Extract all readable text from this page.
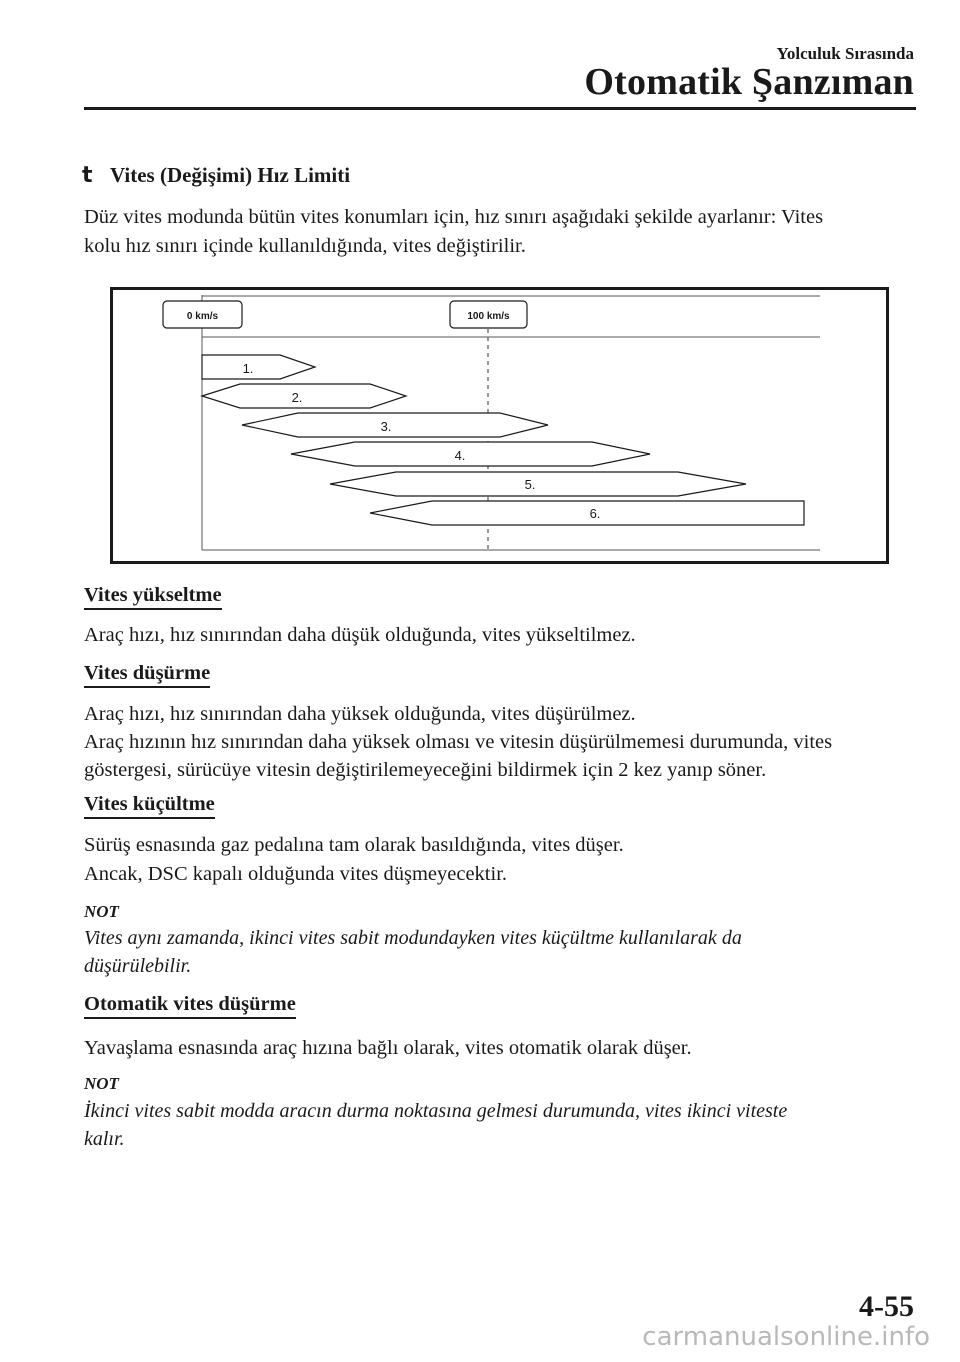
Yolculuk Sırasında
Otomatik Şanzıman
t Vites (Değişimi) Hız Limiti
Düz vites modunda bütün vites konumları için, hız sınırı aşağıdaki şekilde ayarlanır: Vites
kolu hız sınırı içinde kullanıldığında, vites değiştirilir.
0 km/s	100 km/s
1.
2.
3.
4.
5.
6.
Vites yükseltme
Araç hızı, hız sınırından daha düşük olduğunda, vites yükseltilmez.
Vites düşürme
Araç hızı, hız sınırından daha yüksek olduğunda, vites düşürülmez.
Araç hızının hız sınırından daha yüksek olması ve vitesin düşürülmemesi durumunda, vites
göstergesi, sürücüye vitesin değiştirilemeyeceğini bildirmek için 2 kez yanıp söner.
Vites küçültme
Sürüş esnasında gaz pedalına tam olarak basıldığında, vites düşer.
Ancak, DSC kapalı olduğunda vites düşmeyecektir.
NOT
Vites aynı zamanda, ikinci vites sabit modundayken vites küçültme kullanılarak da
düşürülebilir.
Otomatik vites düşürme
Yavaşlama esnasında araç hızına bağlı olarak, vites otomatik olarak düşer.
NOT
İkinci vites sabit modda aracın durma noktasına gelmesi durumunda, vites ikinci viteste
kalır.
4-55
carmanualsonline.info
